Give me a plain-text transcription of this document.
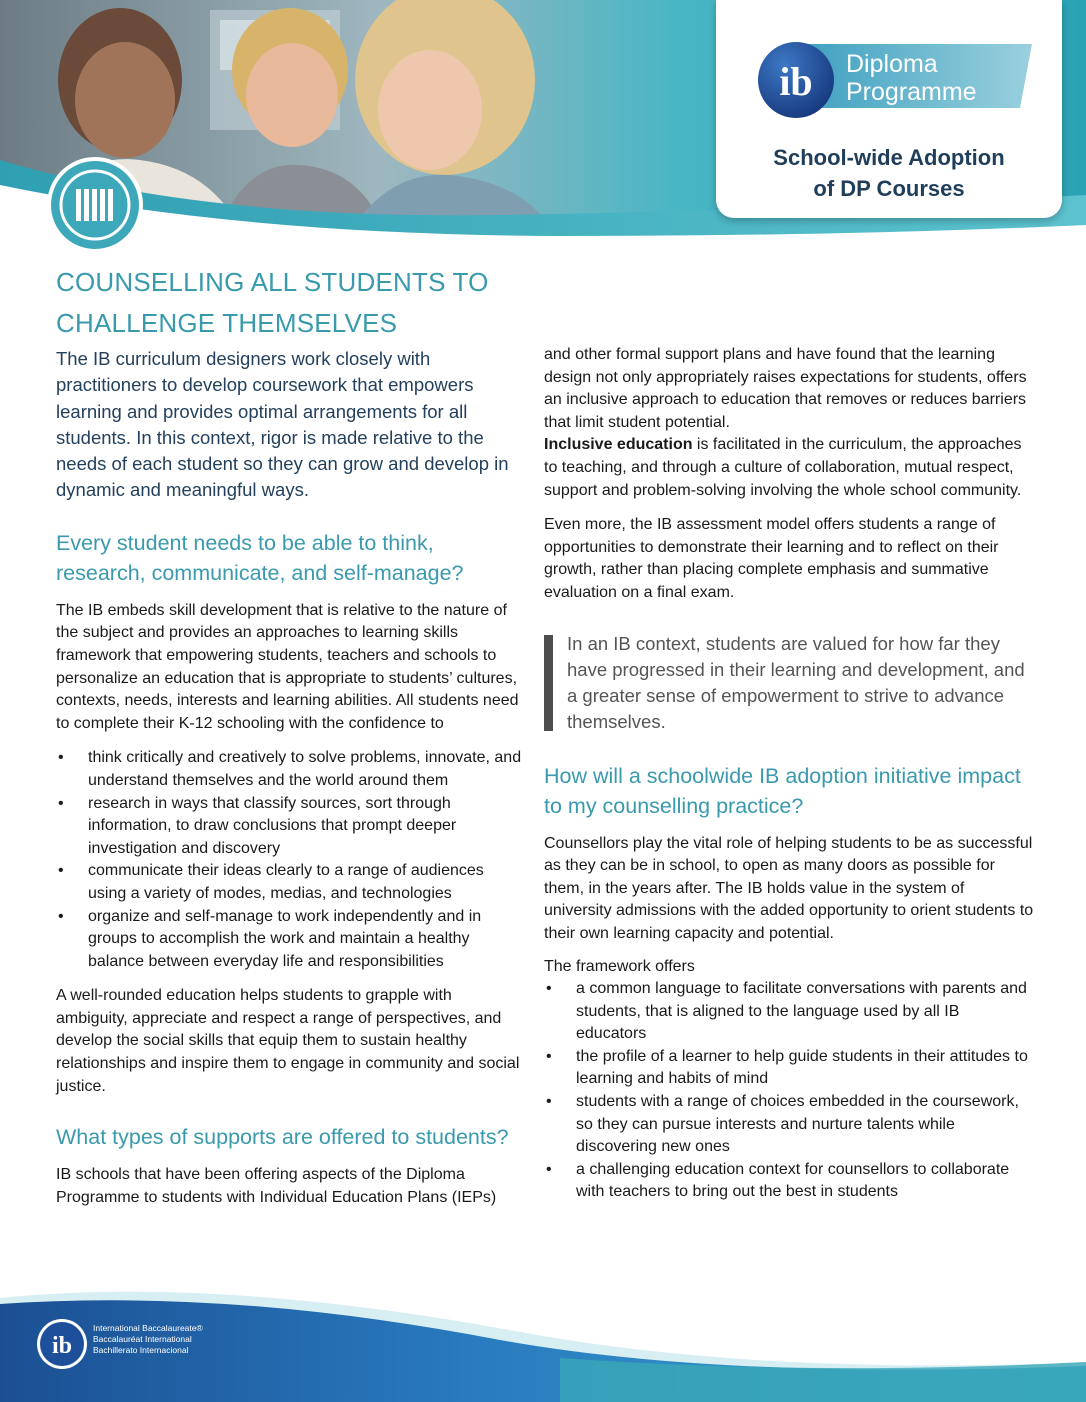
ib Diploma
Programme
School-wide Adoption
of DP Courses
COUNSELLING ALL STUDENTS TO
CHALLENGE THEMSELVES

The IB curriculum designers work closely with practitioners to develop coursework that empowers learning and provides optimal arrangements for all students. In this context, rigor is made relative to the needs of each student so they can grow and develop in dynamic and meaningful ways.

Every student needs to be able to think, research, communicate, and self-manage?

The IB embeds skill development that is relative to the nature of the subject and provides an approaches to learning skills framework that empowering students, teachers and schools to personalize an education that is appropriate to students’ cultures, contexts, needs, interests and learning abilities. All students need to complete their K-12 schooling with the confidence to

• think critically and creatively to solve problems, innovate, and understand themselves and the world around them
• research in ways that classify sources, sort through information, to draw conclusions that prompt deeper investigation and discovery
• communicate their ideas clearly to a range of audiences using a variety of modes, medias, and technologies
• organize and self-manage to work independently and in groups to accomplish the work and maintain a healthy balance between everyday life and responsibilities

A well-rounded education helps students to grapple with ambiguity, appreciate and respect a range of perspectives, and develop the social skills that equip them to sustain healthy relationships and inspire them to engage in community and social justice.

What types of supports are offered to students?

IB schools that have been offering aspects of the Diploma Programme to students with Individual Education Plans (IEPs)

and other formal support plans and have found that the learning design not only appropriately raises expectations for students, offers an inclusive approach to education that removes or reduces barriers that limit student potential.

Inclusive education is facilitated in the curriculum, the approaches to teaching, and through a culture of collaboration, mutual respect, support and problem-solving involving the whole school community.

Even more, the IB assessment model offers students a range of opportunities to demonstrate their learning and to reflect on their growth, rather than placing complete emphasis and summative evaluation on a final exam.

In an IB context, students are valued for how far they have progressed in their learning and development, and a greater sense of empowerment to strive to advance themselves.
How will a schoolwide IB adoption initiative impact to my counselling practice?

Counsellors play the vital role of helping students to be as successful as they can be in school, to open as many doors as possible for them, in the years after. The IB holds value in the system of university admissions with the added opportunity to orient students to their own learning capacity and potential.

The framework offers

• a common language to facilitate conversations with parents and students, that is aligned to the language used by all IB educators
• the profile of a learner to help guide students in their attitudes to learning and habits of mind
• students with a range of choices embedded in the coursework, so they can pursue interests and nurture talents while discovering new ones
• a challenging education context for counsellors to collaborate with teachers to bring out the best in students
ib
International Baccalaureate®
Baccalauréat International
Bachillerato Internacional
